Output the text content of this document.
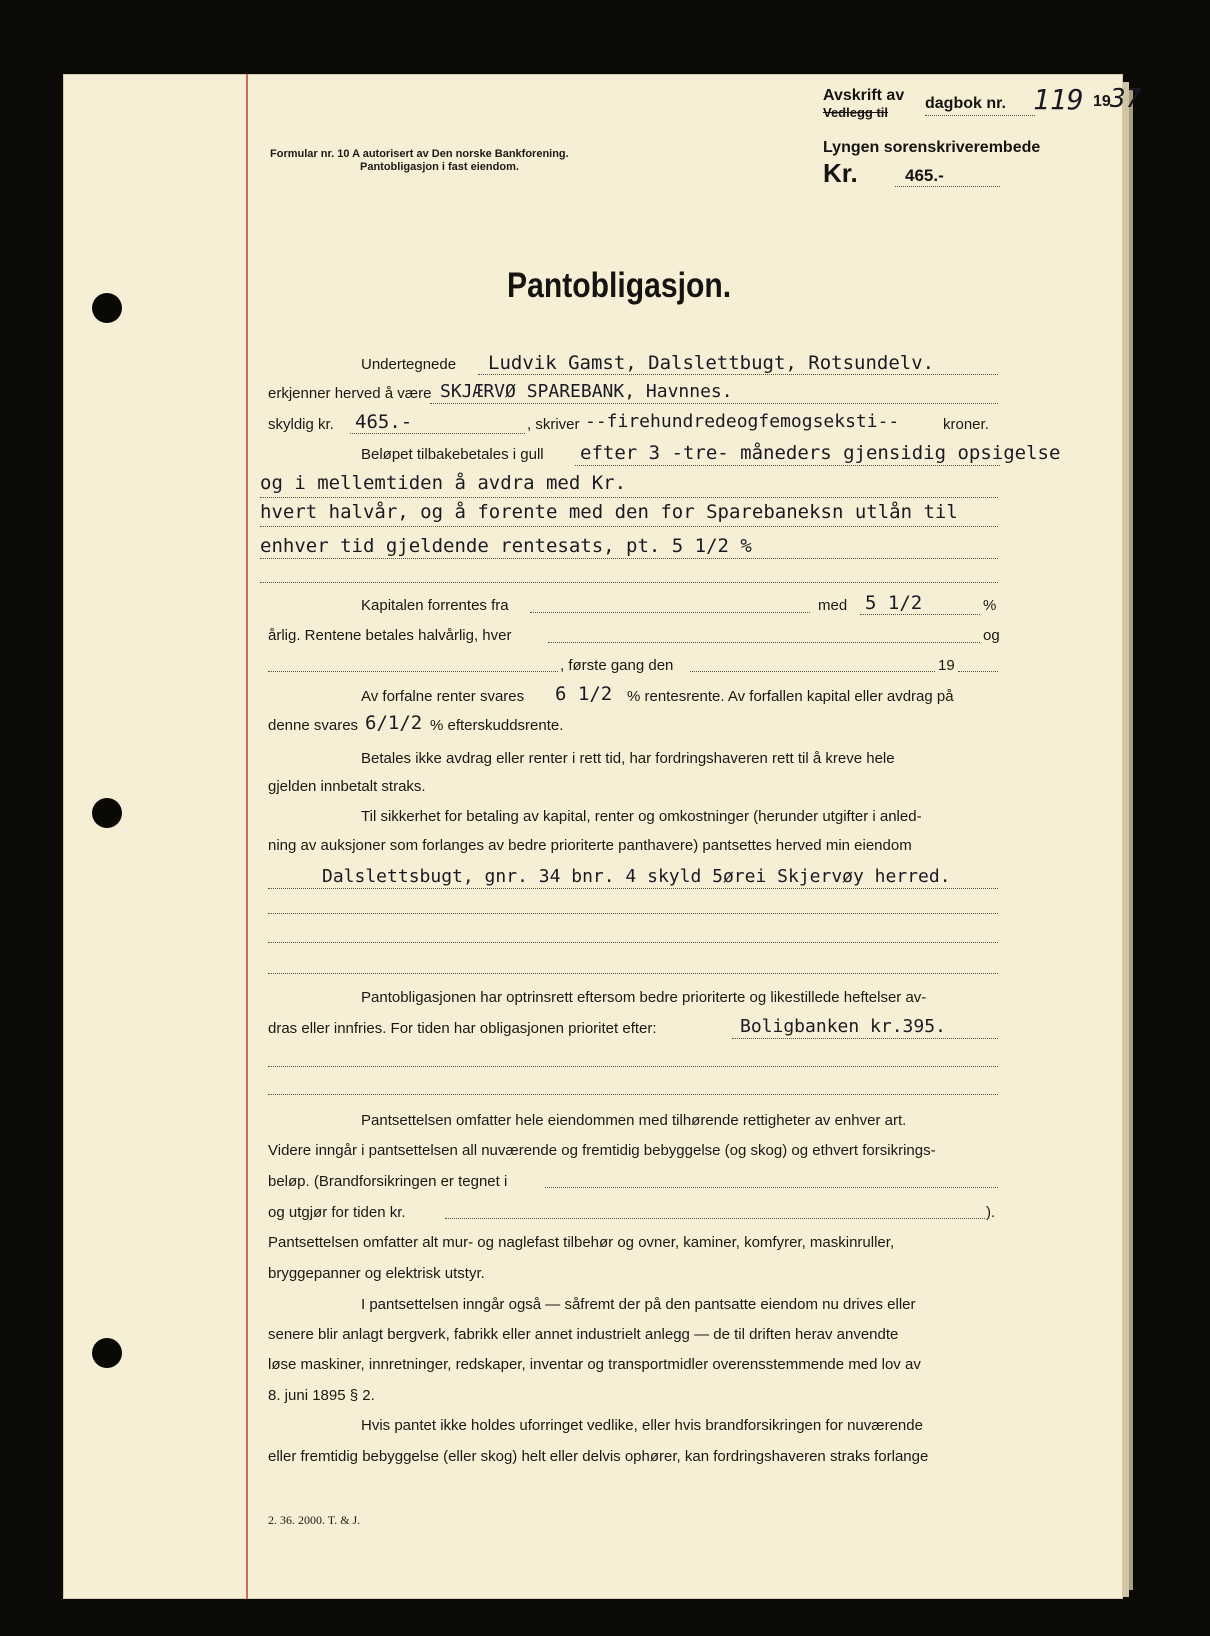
· · · · · · · · · · · · · · · · · · · · · · · · · · · · · ·
Avskrift av
Vedlegg til
dagbok nr. 119 19 37
Lyngen sorenskriverembede
Kr.	465.-
Formular nr. 10 A autorisert av Den norske Bankforening.
Pantobligasjon i fast eiendom.
Pantobligasjon.
Undertegnede Ludvik Gamst, Dalslettbugt, Rotsundelv.
erkjenner herved å være SKJÆRVØ SPAREBANK, Havnnes.
skyldig kr. 465.-	, skriver --firehundredeogfemogseksti--	kroner.
Beløpet tilbakebetales i gull efter 3 -tre- måneders gjensidig opsigelse
og i mellemtiden å avdra med Kr.
hvert halvår, og å forente med den for Sparebaneksn utlån til
enhver tid gjeldende rentesats, pt. 5 1/2 %
Kapitalen forrentes fra	med 5 1/2	%
årlig. Rentene betales halvårlig, hver	og
, første gang den	19
Av forfalne renter svares 6 1/2 % rentesrente. Av forfallen kapital eller avdrag på
denne svares 6/1/2 % efterskuddsrente.
Betales ikke avdrag eller renter i rett tid, har fordringshaveren rett til å kreve hele
gjelden innbetalt straks.
Til sikkerhet for betaling av kapital, renter og omkostninger (herunder utgifter i anled-
ning av auksjoner som forlanges av bedre prioriterte panthavere) pantsettes herved min eiendom
Dalslettsbugt, gnr. 34 bnr. 4 skyld 5ørei Skjervøy herred.
Pantobligasjonen har optrinsrett eftersom bedre prioriterte og likestillede heftelser av-
dras eller innfries. For tiden har obligasjonen prioritet efter:	Boligbanken kr.395.
Pantsettelsen omfatter hele eiendommen med tilhørende rettigheter av enhver art.
Videre inngår i pantsettelsen all nuværende og fremtidig bebyggelse (og skog) og ethvert forsikrings-
beløp. (Brandforsikringen er tegnet i
og utgjør for tiden kr.	).
Pantsettelsen omfatter alt mur- og naglefast tilbehør og ovner, kaminer, komfyrer, maskinruller,
bryggepanner og elektrisk utstyr.
I pantsettelsen inngår også — såfremt der på den pantsatte eiendom nu drives eller
senere blir anlagt bergverk, fabrikk eller annet industrielt anlegg — de til driften herav anvendte
løse maskiner, innretninger, redskaper, inventar og transportmidler overensstemmende med lov av
8. juni 1895 § 2.
Hvis pantet ikke holdes uforringet vedlike, eller hvis brandforsikringen for nuværende
eller fremtidig bebyggelse (eller skog) helt eller delvis ophører, kan fordringshaveren straks forlange
2. 36. 2000. T. & J.
